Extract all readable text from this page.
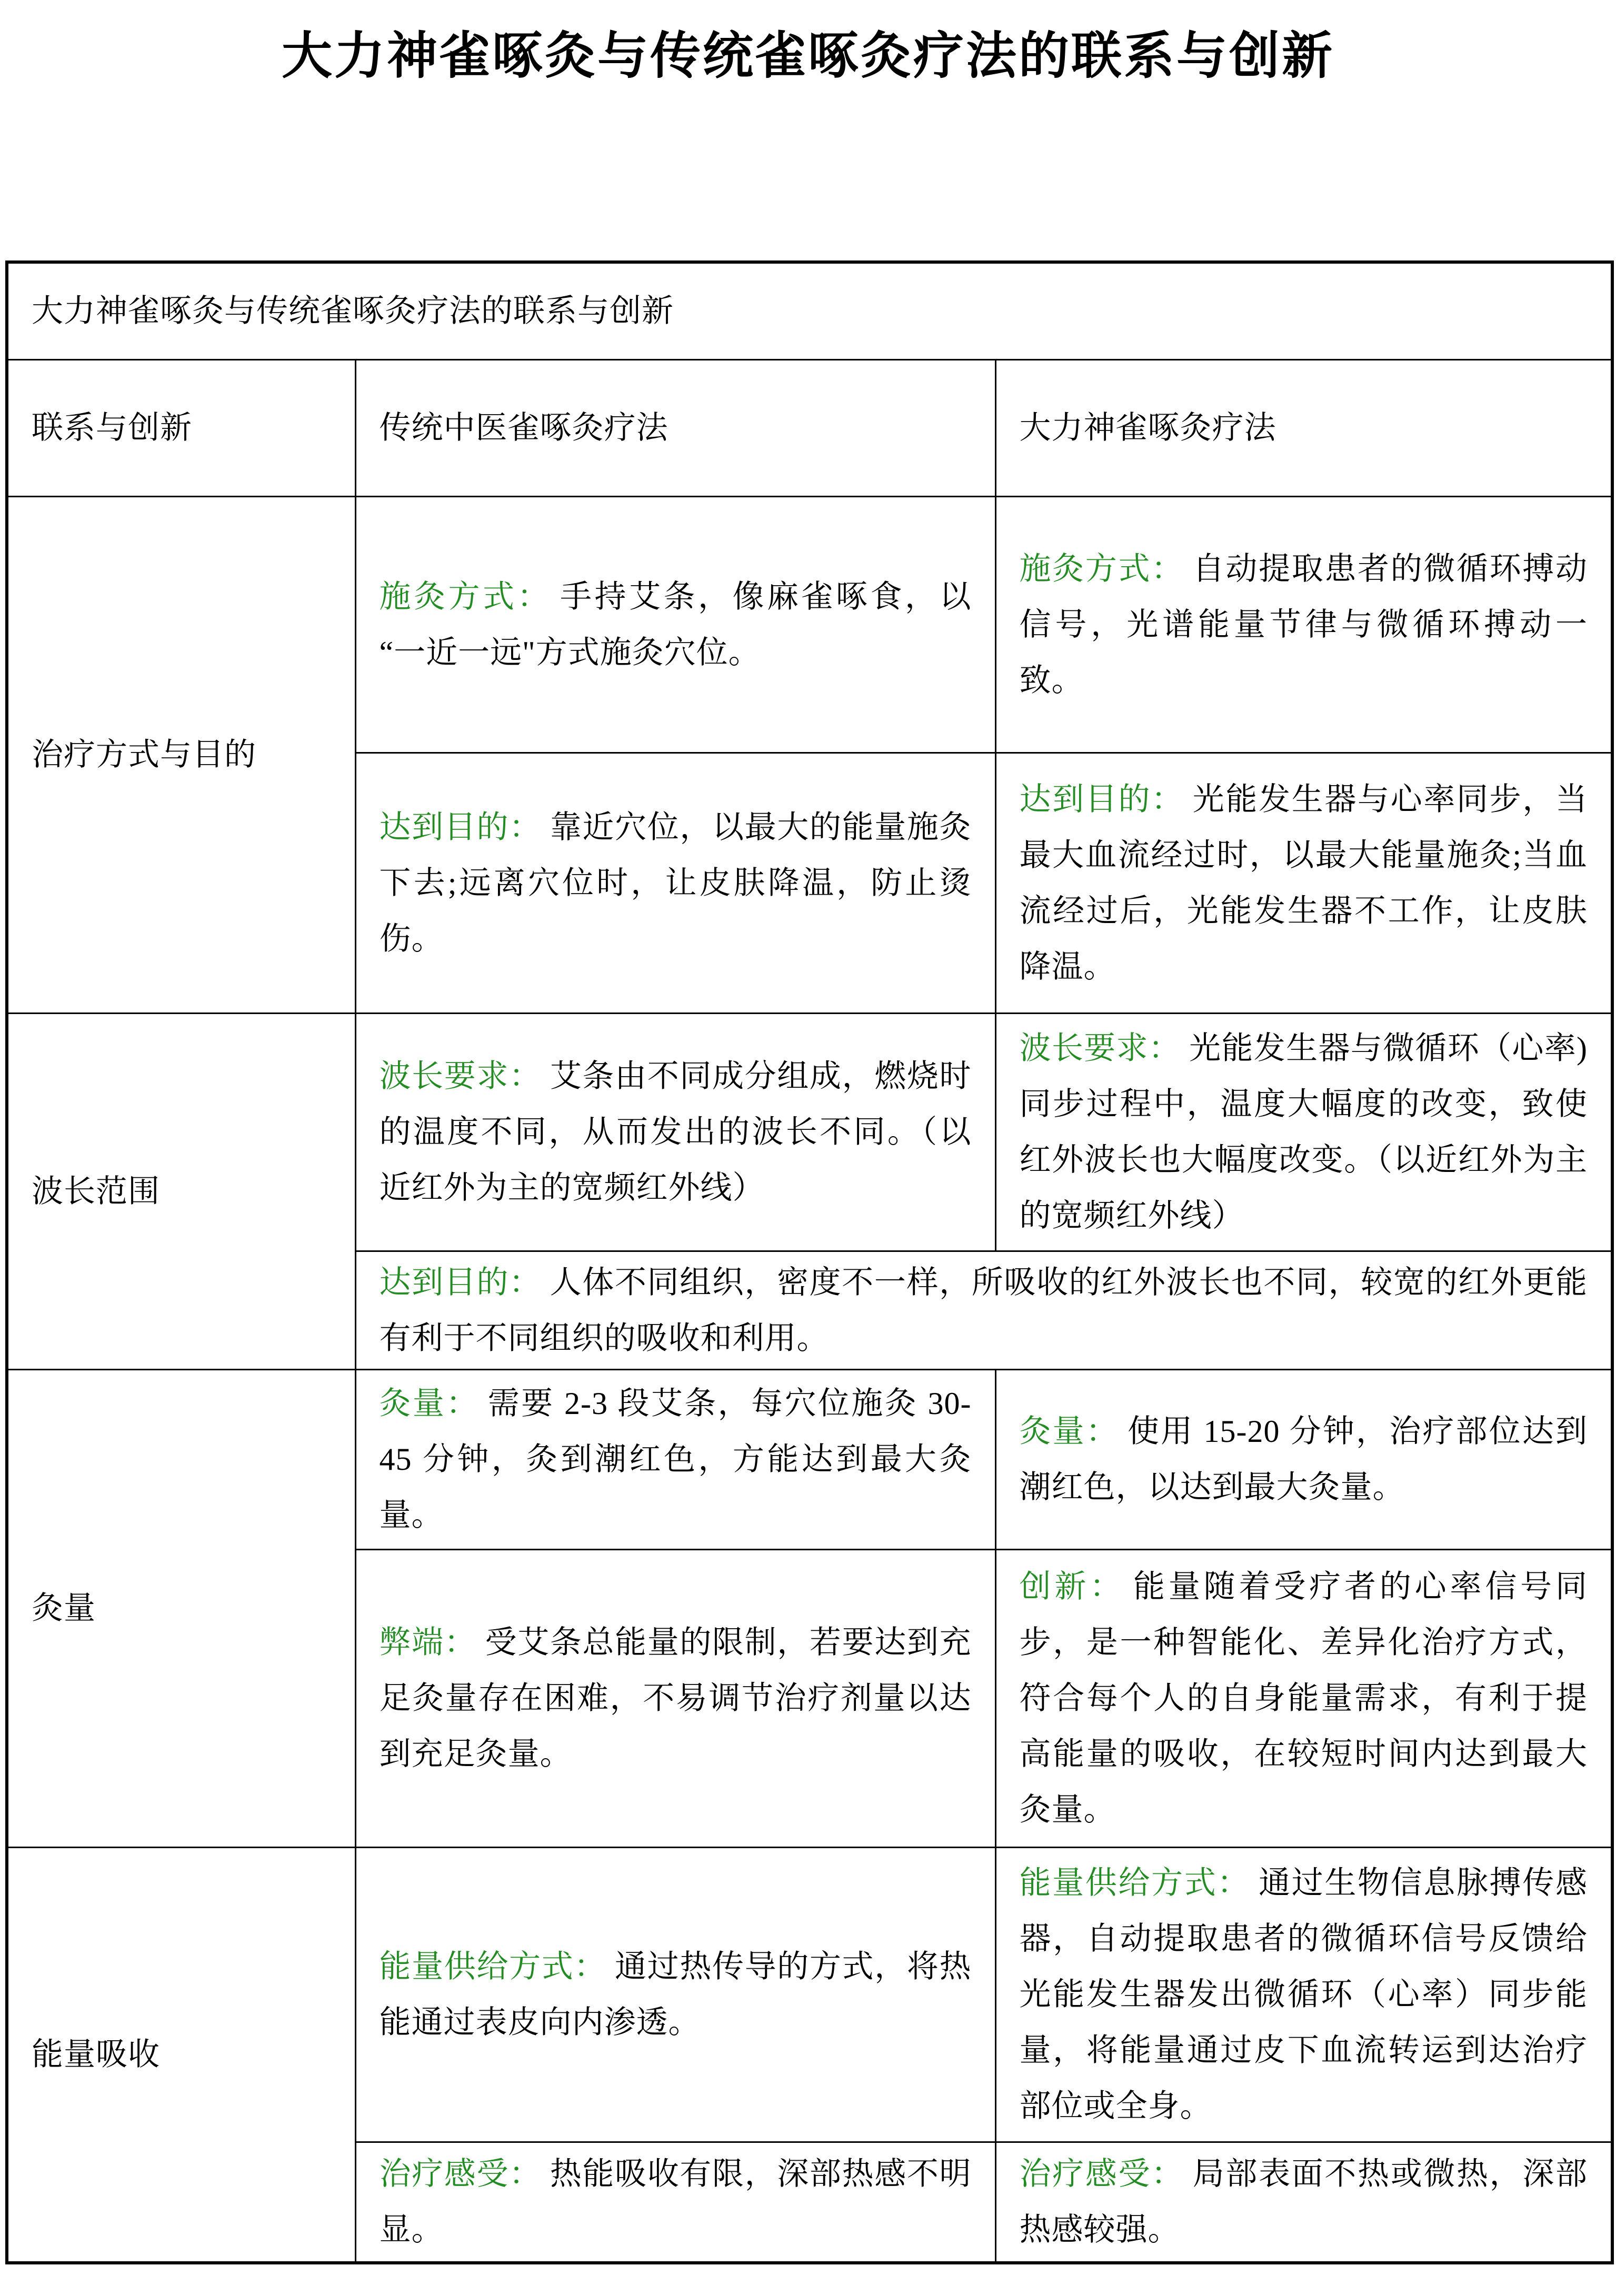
大力神雀啄灸与传统雀啄灸疗法的联系与创新
大力神雀啄灸与传统雀啄灸疗法的联系与创新		
联系与创新	传统中医雀啄灸疗法	大力神雀啄灸疗法
治疗方式与目的	施灸方式： 手持艾条，像麻雀啄食，以“一近一远"方式施灸穴位。	施灸方式： 自动提取患者的微循环搏动信号，光谱能量节律与微循环搏动一致。
	达到目的： 靠近穴位，以最大的能量施灸下去;远离穴位时，让皮肤降温，防止烫伤。	达到目的： 光能发生器与心率同步，当最大血流经过时，以最大能量施灸;当血流经过后，光能发生器不工作，让皮肤降温。
波长范围	波长要求： 艾条由不同成分组成，燃烧时的温度不同，从而发出的波长不同。（以近红外为主的宽频红外线）	波长要求： 光能发生器与微循环（心率)同步过程中，温度大幅度的改变，致使红外波长也大幅度改变。（以近红外为主的宽频红外线）
	达到目的： 人体不同组织，密度不一样，所吸收的红外波长也不同，较宽的红外更能有利于不同组织的吸收和利用。	
灸量	灸量： 需要 2-3 段艾条，每穴位施灸 30-45 分钟，灸到潮红色，方能达到最大灸量。	灸量： 使用 15-20 分钟，治疗部位达到潮红色，以达到最大灸量。
	弊端： 受艾条总能量的限制，若要达到充足灸量存在困难，不易调节治疗剂量以达到充足灸量。	创新： 能量随着受疗者的心率信号同步，是一种智能化、差异化治疗方式，符合每个人的自身能量需求，有利于提高能量的吸收，在较短时间内达到最大灸量。
能量吸收	能量供给方式： 通过热传导的方式，将热能通过表皮向内渗透。	能量供给方式： 通过生物信息脉搏传感器，自动提取患者的微循环信号反馈给光能发生器发出微循环（心率）同步能量，将能量通过皮下血流转运到达治疗部位或全身。
	治疗感受： 热能吸收有限，深部热感不明显。	治疗感受： 局部表面不热或微热，深部热感较强。
